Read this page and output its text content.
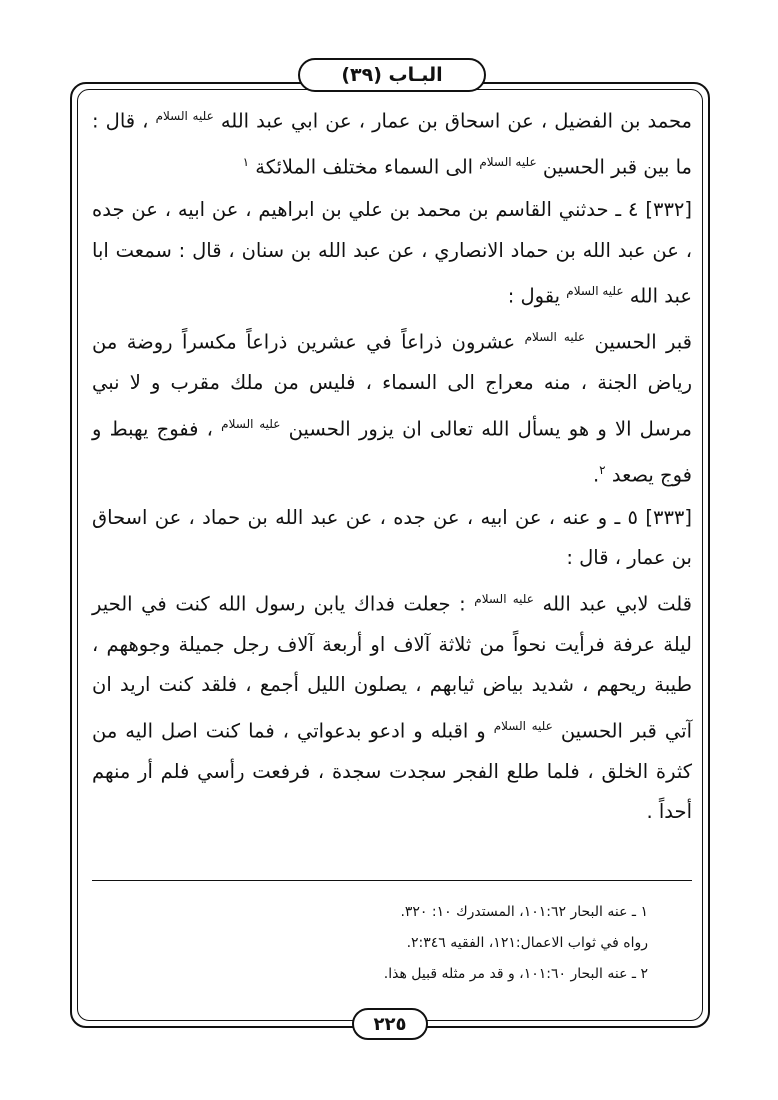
البـاب (٣٩)

محمد بن الفضيل ، عن اسحاق بن عمار ، عن ابي عبد الله $^{عليه السلام}$ ، قال : ما بين قبر الحسين $^{عليه السلام}$ الى السماء مختلف الملائكة $^١$

[٣٣٢] ٤ ـ حدثني القاسم بن محمد بن علي بن ابراهيم ، عن ابيه ، عن جده ، عن عبد الله بن حماد الانصاري ، عن عبد الله بن سنان ، قال : سمعت ابا عبد الله $^{عليه السلام}$ يقول :

قبر الحسين $^{عليه السلام}$ عشرون ذراعاً في عشرين ذراعاً مكسراً روضة من رياض الجنة ، منه معراج الى السماء ، فليس من ملك مقرب و لا نبي مرسل الا و هو يسأل الله تعالى ان يزور الحسين $^{عليه السلام}$ ، ففوج يهبط و فوج يصعد $^٢$.

[٣٣٣] ٥ ـ و عنه ، عن ابيه ، عن جده ، عن عبد الله بن حماد ، عن اسحاق بن عمار ، قال :

قلت لابي عبد الله $^{عليه السلام}$ : جعلت فداك يابن رسول الله كنت في الحير ليلة عرفة فرأيت نحواً من ثلاثة آلاف او أربعة آلاف رجل جميلة وجوههم ، طيبة ريحهم ، شديد بياض ثيابهم ، يصلون الليل أجمع ، فلقد كنت اريد ان آتي قبر الحسين $^{عليه السلام}$ و اقبله و ادعو بدعواتي ، فما كنت اصل اليه من كثرة الخلق ، فلما طلع الفجر سجدت سجدة ، فرفعت رأسي فلم أر منهم أحداً .

١ ـ عنه البحار ١٠١:٦٢، المستدرك ١٠: ٣٢٠.

رواه في ثواب الاعمال:١٢١، الفقيه ٢:٣٤٦.

٢ ـ عنه البحار ١٠١:٦٠، و قد مر مثله قبيل هذا.

٢٢٥
